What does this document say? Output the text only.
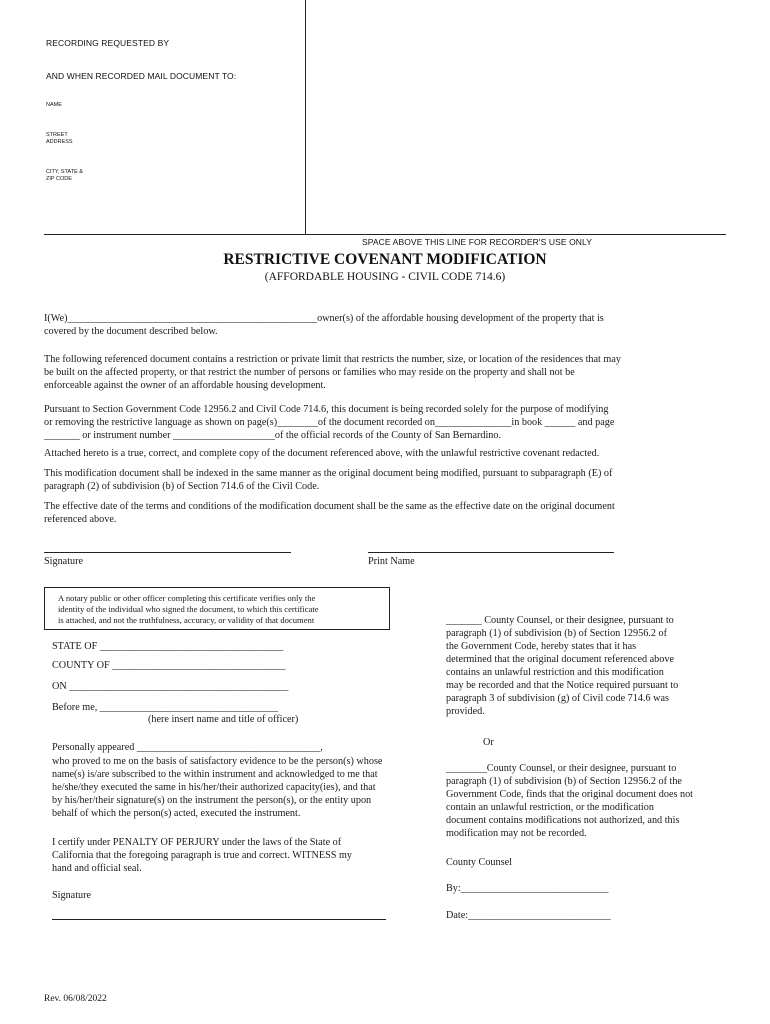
RECORDING REQUESTED BY
AND WHEN RECORDED MAIL DOCUMENT TO:
NAME
STREET
ADDRESS
CITY, STATE &
ZIP CODE
SPACE ABOVE THIS LINE FOR RECORDER'S USE ONLY
RESTRICTIVE COVENANT MODIFICATION
(AFFORDABLE HOUSING - CIVIL CODE 714.6)
I(We)_________________________________________________owner(s) of the affordable housing development of the property that is
covered by the document described below.
The following referenced document contains a restriction or private limit that restricts the number, size, or location of the residences that may
be built on the affected property, or that restrict the number of persons or families who may reside on the property and shall not be
enforceable against the owner of an affordable housing development.
Pursuant to Section Government Code 12956.2 and Civil Code 714.6, this document is being recorded solely for the purpose of modifying
or removing the restrictive language as shown on page(s)________of the document recorded on_______________in book ______ and page
_______ or instrument number ____________________of the official records of the County of San Bernardino.
Attached hereto is a true, correct, and complete copy of the document referenced above, with the unlawful restrictive covenant redacted.
This modification document shall be indexed in the same manner as the original document being modified, pursuant to subparagraph (E) of
paragraph (2) of subdivision (b) of Section 714.6 of the Civil Code.
The effective date of the terms and conditions of the modification document shall be the same as the effective date on the original document
referenced above.
Signature	Print Name
A notary public or other officer completing this certificate verifies only the
identity of the individual who signed the document, to which this certificate
is attached, and not the truthfulness, accuracy, or validity of that document
STATE OF ____________________________________
COUNTY OF __________________________________
ON ___________________________________________
Before me, ___________________________________
(here insert name and title of officer)
Personally appeared ____________________________________,
who proved to me on the basis of satisfactory evidence to be the person(s) whose
name(s) is/are subscribed to the within instrument and acknowledged to me that
he/she/they executed the same in his/her/their authorized capacity(ies), and that
by his/her/their signature(s) on the instrument the person(s), or the entity upon
behalf of which the person(s) acted, executed the instrument.
I certify under PENALTY OF PERJURY under the laws of the State of
California that the foregoing paragraph is true and correct. WITNESS my
hand and official seal.
Signature
_______ County Counsel, or their designee, pursuant to
paragraph (1) of subdivision (b) of Section 12956.2 of
the Government Code, hereby states that it has
determined that the original document referenced above
contains an unlawful restriction and this modification
may be recorded and that the Notice required pursuant to
paragraph 3 of subdivision (g) of Civil code 714.6 was
provided.
Or
________County Counsel, or their designee, pursuant to
paragraph (1) of subdivision (b) of Section 12956.2 of the
Government Code, finds that the original document does not
contain an unlawful restriction, or the modification
document contains modifications not authorized, and this
modification may not be recorded.
County Counsel
By:_____________________________
Date:____________________________
Rev. 06/08/2022
